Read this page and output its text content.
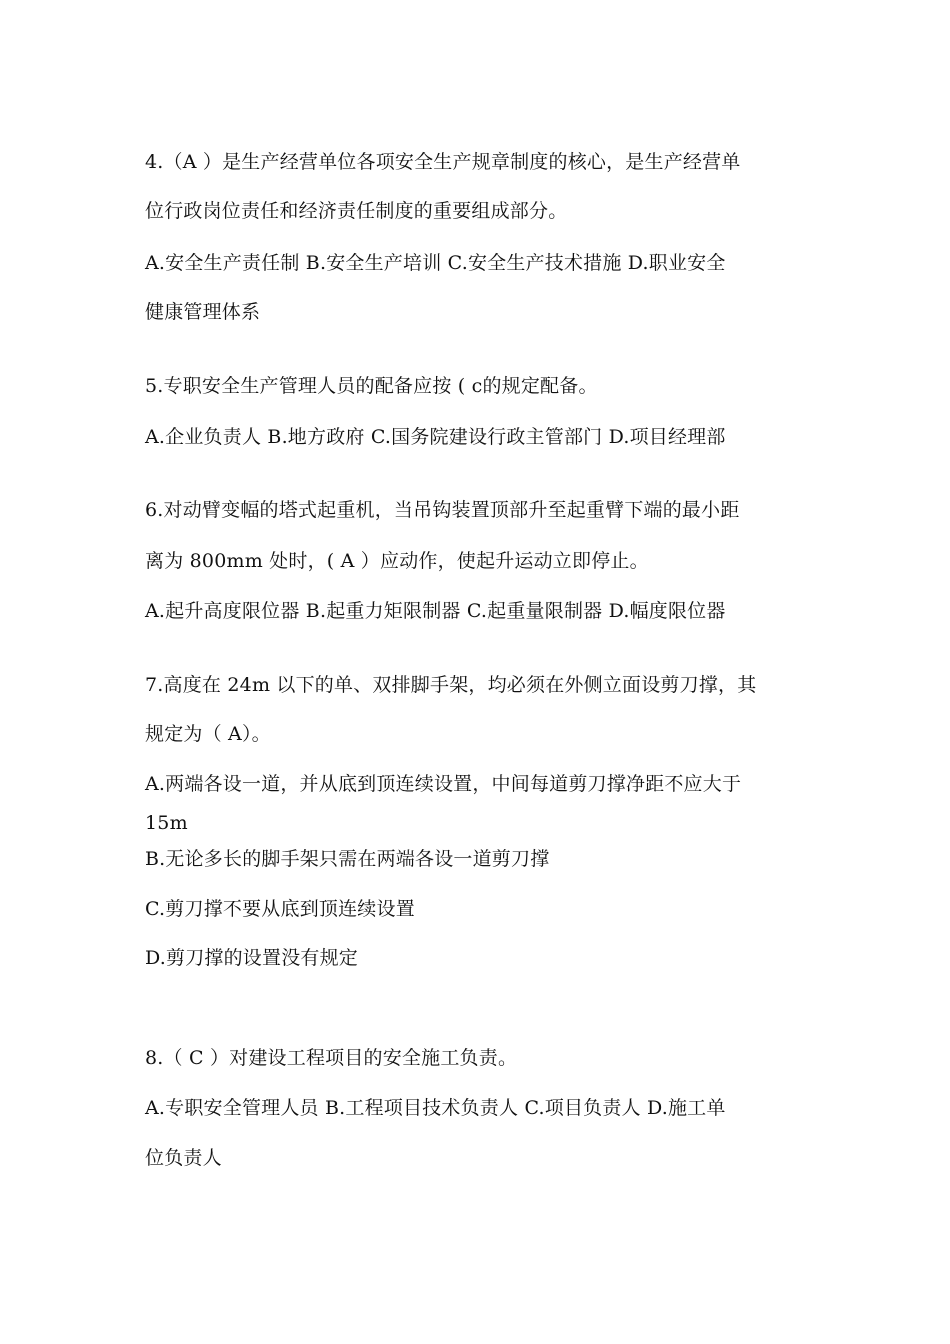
4.（A ）是生产经营单位各项安全生产规章制度的核心，是生产经营单
位行政岗位责任和经济责任制度的重要组成部分。
A.安全生产责任制 B.安全生产培训 C.安全生产技术措施 D.职业安全
健康管理体系
5.专职安全生产管理人员的配备应按 ( c的规定配备。
A.企业负责人 B.地方政府 C.国务院建设行政主管部门 D.项目经理部
6.对动臂变幅的塔式起重机，当吊钩装置顶部升至起重臂下端的最小距
离为 800mm 处时，( A ）应动作，使起升运动立即停止。
A.起升高度限位器 B.起重力矩限制器 C.起重量限制器 D.幅度限位器
7.高度在 24m 以下的单、双排脚手架，均必须在外侧立面设剪刀撑，其
规定为（ A）。
A.两端各设一道，并从底到顶连续设置，中间每道剪刀撑净距不应大于
15m
B.无论多长的脚手架只需在两端各设一道剪刀撑
C.剪刀撑不要从底到顶连续设置
D.剪刀撑的设置没有规定
8.（ C ）对建设工程项目的安全施工负责。
A.专职安全管理人员 B.工程项目技术负责人 C.项目负责人 D.施工单
位负责人
